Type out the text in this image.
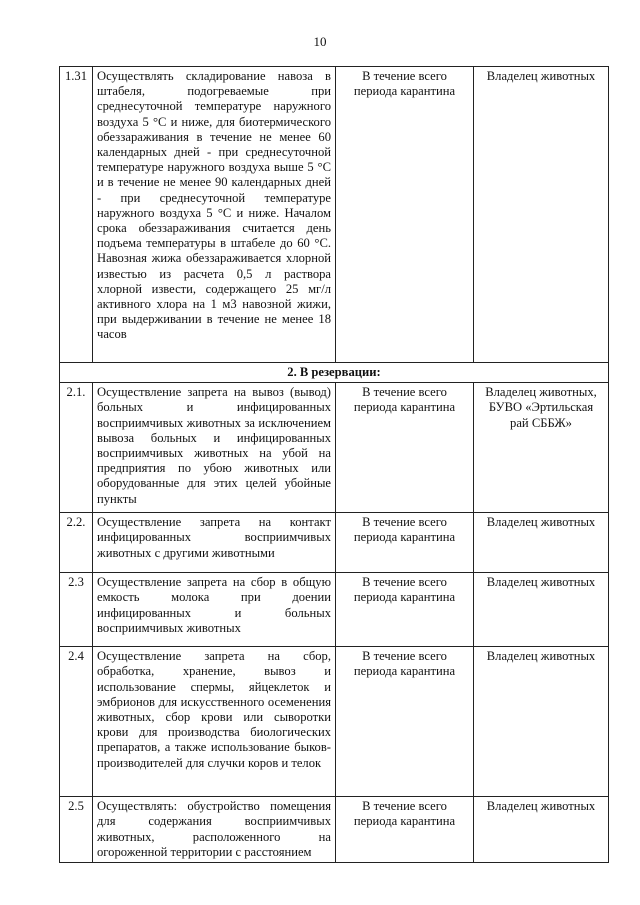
10
1.31	Осуществлять складирование навоза в штабеля, подогреваемые при среднесуточной температуре наружного воздуха 5 °С и ниже, для биотермического обеззараживания в течение не менее 60 календарных дней - при среднесуточной температуре наружного воздуха выше 5 °С и в течение не менее 90 календарных дней - при среднесуточной температуре наружного воздуха 5 °С и ниже. Началом срока обеззараживания считается день подъема температуры в штабеле до 60 °С. Навозная жижа обеззараживается хлорной известью из расчета 0,5 л раствора хлорной извести, содержащего 25 мг/л активного хлора на 1 м3 навозной жижи, при выдерживании в течение не менее 18 часов	В течение всего периода карантина	Владелец животных
2. В резервации:			
2.1.	Осуществление запрета на вывоз (вывод) больных и инфицированных восприимчивых животных за исключением вывоза больных и инфицированных восприимчивых животных на убой на предприятия по убою животных или оборудованные для этих целей убойные пункты	В течение всего периода карантина	Владелец животных, БУВО «Эртильская рай СББЖ»
2.2.	Осуществление запрета на контакт инфицированных восприимчивых животных с другими животными	В течение всего периода карантина	Владелец животных
2.3	Осуществление запрета на сбор в общую емкость молока при доении инфицированных и больных восприимчивых животных	В течение всего периода карантина	Владелец животных
2.4	Осуществление запрета на сбор, обработка, хранение, вывоз и использование спермы, яйцеклеток и эмбрионов для искусственного осеменения животных, сбор крови или сыворотки крови для производства биологических препаратов, а также использование быков-производителей для случки коров и телок	В течение всего периода карантина	Владелец животных
2.5	Осуществлять: обустройство помещения для содержания восприимчивых животных, расположенного на огороженной территории с расстоянием	В течение всего периода карантина	Владелец животных
